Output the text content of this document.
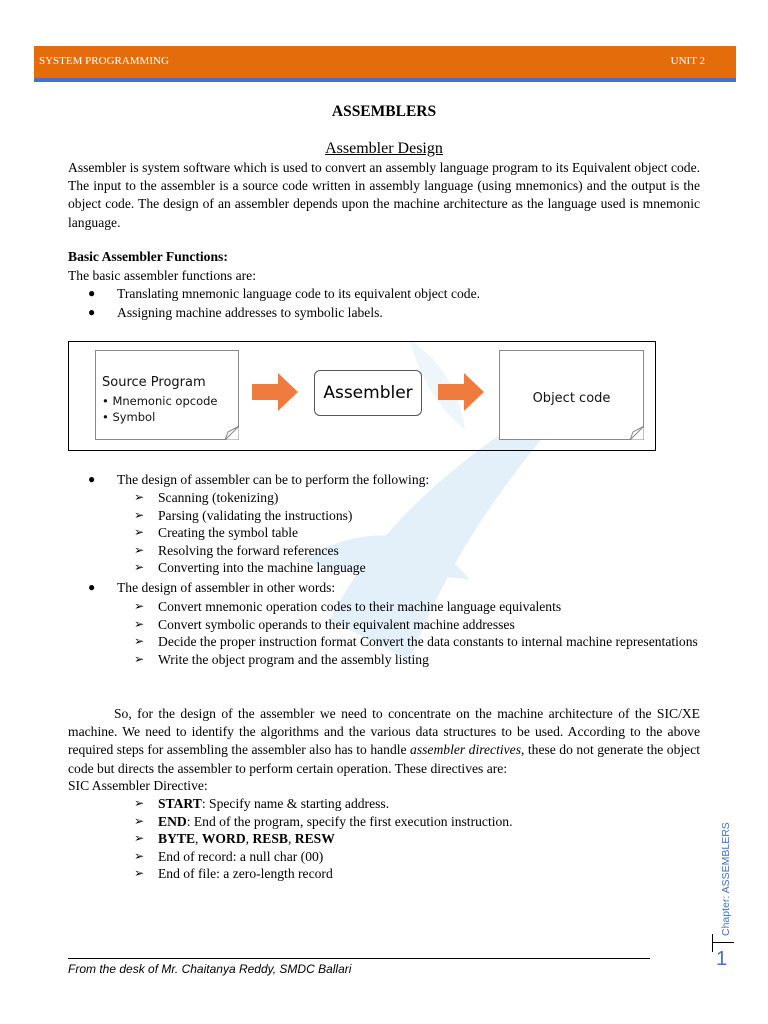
SYSTEM PROGRAMMING	UNIT 2
ASSEMBLERS
Assembler Design
Assembler is system software which is used to convert an assembly language program to its Equivalent object code. The input to the assembler is a source code written in assembly language (using mnemonics) and the output is the object code. The design of an assembler depends upon the machine architecture as the language used is mnemonic language.
Basic Assembler Functions:
The basic assembler functions are:
● Translating mnemonic language code to its equivalent object code.
● Assigning machine addresses to symbolic labels.
Source Program
• Mnemonic opcode
• Symbol
Assembler	Object code
● The design of assembler can be to perform the following:
➢	Scanning (tokenizing)
➢	Parsing (validating the instructions)
➢	Creating the symbol table
➢	Resolving the forward references
➢	Converting into the machine language
● The design of assembler in other words:
➢	Convert mnemonic operation codes to their machine language equivalents
➢	Convert symbolic operands to their equivalent machine addresses
➢	Decide the proper instruction format Convert the data constants to internal machine representations
➢	Write the object program and the assembly listing
So, for the design of the assembler we need to concentrate on the machine architecture of the SIC/XE machine. We need to identify the algorithms and the various data structures to be used. According to the above required steps for assembling the assembler also has to handle assembler directives, these do not generate the object code but directs the assembler to perform certain operation. These directives are:
SIC Assembler Directive:
➢	START: Specify name & starting address.
➢	END: End of the program, specify the first execution instruction.
➢	BYTE, WORD, RESB, RESW
➢	End of record: a null char (00)
➢	End of file: a zero-length record
From the desk of Mr. Chaitanya Reddy, SMDC Ballari
Chapter: ASSEMBLERS
1
